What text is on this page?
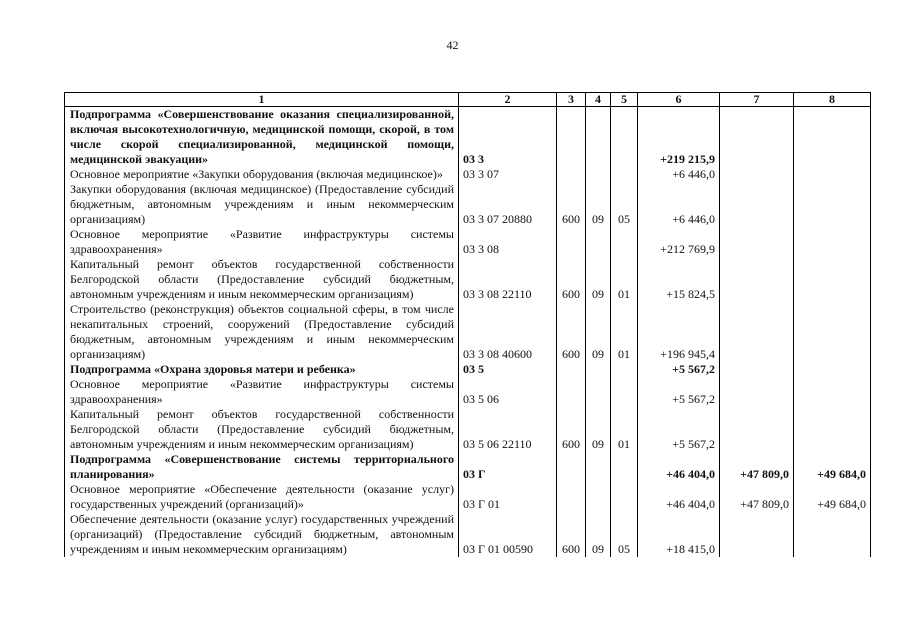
42
1	2	3	4	5	6	7	8
Подпрограмма «Совершенствование оказания специализированной, включая высокотехнологичную, медицинской помощи, скорой, в том числе скорой специализированной, медицинской помощи, медицинской эвакуации»	03 3				+219 215,9		
Основное мероприятие «Закупки оборудования (включая медицинское)»	03 3 07				+6 446,0		
Закупки оборудования (включая медицинское) (Предоставление субсидий бюджетным, автономным учреждениям и иным некоммерческим организациям)	03 3 07 20880	600	09	05	+6 446,0		
Основное мероприятие «Развитие инфраструктуры системы здравоохранения»	03 3 08				+212 769,9		
Капитальный ремонт объектов государственной собственности Белгородской области (Предоставление субсидий бюджетным, автономным учреждениям и иным некоммерческим организациям)	03 3 08 22110	600	09	01	+15 824,5		
Строительство (реконструкция) объектов социальной сферы, в том числе некапитальных строений, сооружений (Предоставление субсидий бюджетным, автономным учреждениям и иным некоммерческим организациям)	03 3 08 40600	600	09	01	+196 945,4		
Подпрограмма «Охрана здоровья матери и ребенка»	03 5				+5 567,2		
Основное мероприятие «Развитие инфраструктуры системы здравоохранения»	03 5 06				+5 567,2		
Капитальный ремонт объектов государственной собственности Белгородской области (Предоставление субсидий бюджетным, автономным учреждениям и иным некоммерческим организациям)	03 5 06 22110	600	09	01	+5 567,2		
Подпрограмма «Совершенствование системы территориального планирования»	03 Г				+46 404,0	+47 809,0	+49 684,0
Основное мероприятие «Обеспечение деятельности (оказание услуг) государственных учреждений (организаций)»	03 Г 01				+46 404,0	+47 809,0	+49 684,0
Обеспечение деятельности (оказание услуг) государственных учреждений (организаций) (Предоставление субсидий бюджетным, автономным учреждениям и иным некоммерческим организациям)	03 Г 01 00590	600	09	05	+18 415,0		
